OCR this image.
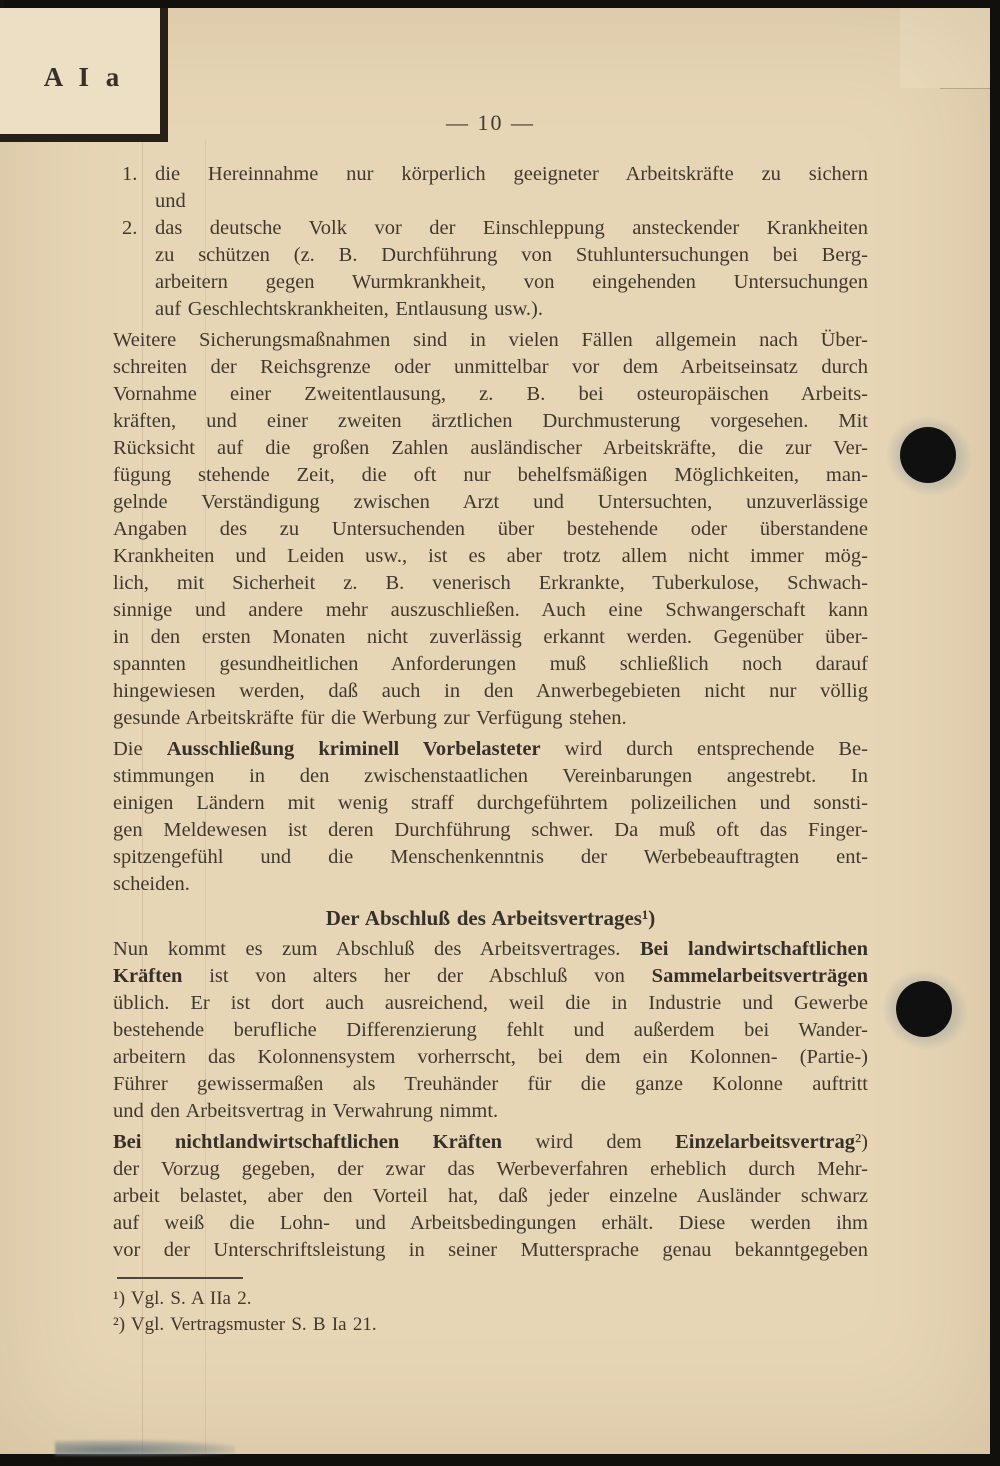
A I a
— 10 —
1. die Hereinnahme nur körperlich geeigneter Arbeitskräfte zu sichern
und
2. das deutsche Volk vor der Einschleppung ansteckender Krankheiten
zu schützen (z. B. Durchführung von Stuhluntersuchungen bei Berg-
arbeitern gegen Wurmkrankheit, von eingehenden Untersuchungen
auf Geschlechtskrankheiten, Entlausung usw.).
Weitere Sicherungsmaßnahmen sind in vielen Fällen allgemein nach Über-
schreiten der Reichsgrenze oder unmittelbar vor dem Arbeitseinsatz durch
Vornahme einer Zweitentlausung, z. B. bei osteuropäischen Arbeits-
kräften, und einer zweiten ärztlichen Durchmusterung vorgesehen. Mit
Rücksicht auf die großen Zahlen ausländischer Arbeitskräfte, die zur Ver-
fügung stehende Zeit, die oft nur behelfsmäßigen Möglichkeiten, man-
gelnde Verständigung zwischen Arzt und Untersuchten, unzuverlässige
Angaben des zu Untersuchenden über bestehende oder überstandene
Krankheiten und Leiden usw., ist es aber trotz allem nicht immer mög-
lich, mit Sicherheit z. B. venerisch Erkrankte, Tuberkulose, Schwach-
sinnige und andere mehr auszuschließen. Auch eine Schwangerschaft kann
in den ersten Monaten nicht zuverlässig erkannt werden. Gegenüber über-
spannten gesundheitlichen Anforderungen muß schließlich noch darauf
hingewiesen werden, daß auch in den Anwerbegebieten nicht nur völlig
gesunde Arbeitskräfte für die Werbung zur Verfügung stehen.
Die Ausschließung kriminell Vorbelasteter wird durch entsprechende Be-
stimmungen in den zwischenstaatlichen Vereinbarungen angestrebt. In
einigen Ländern mit wenig straff durchgeführtem polizeilichen und sonsti-
gen Meldewesen ist deren Durchführung schwer. Da muß oft das Finger-
spitzengefühl und die Menschenkenntnis der Werbebeauftragten ent-
scheiden.
Der Abschluß des Arbeitsvertrages¹)
Nun kommt es zum Abschluß des Arbeitsvertrages. Bei landwirtschaftlichen
Kräften ist von alters her der Abschluß von Sammelarbeitsverträgen
üblich. Er ist dort auch ausreichend, weil die in Industrie und Gewerbe
bestehende berufliche Differenzierung fehlt und außerdem bei Wander-
arbeitern das Kolonnensystem vorherrscht, bei dem ein Kolonnen- (Partie-)
Führer gewissermaßen als Treuhänder für die ganze Kolonne auftritt
und den Arbeitsvertrag in Verwahrung nimmt.
Bei nichtlandwirtschaftlichen Kräften wird dem Einzelarbeitsvertrag²)
der Vorzug gegeben, der zwar das Werbeverfahren erheblich durch Mehr-
arbeit belastet, aber den Vorteil hat, daß jeder einzelne Ausländer schwarz
auf weiß die Lohn- und Arbeitsbedingungen erhält. Diese werden ihm
vor der Unterschriftsleistung in seiner Muttersprache genau bekanntgegeben
¹) Vgl. S. A IIa 2.
²) Vgl. Vertragsmuster S. B Ia 21.
